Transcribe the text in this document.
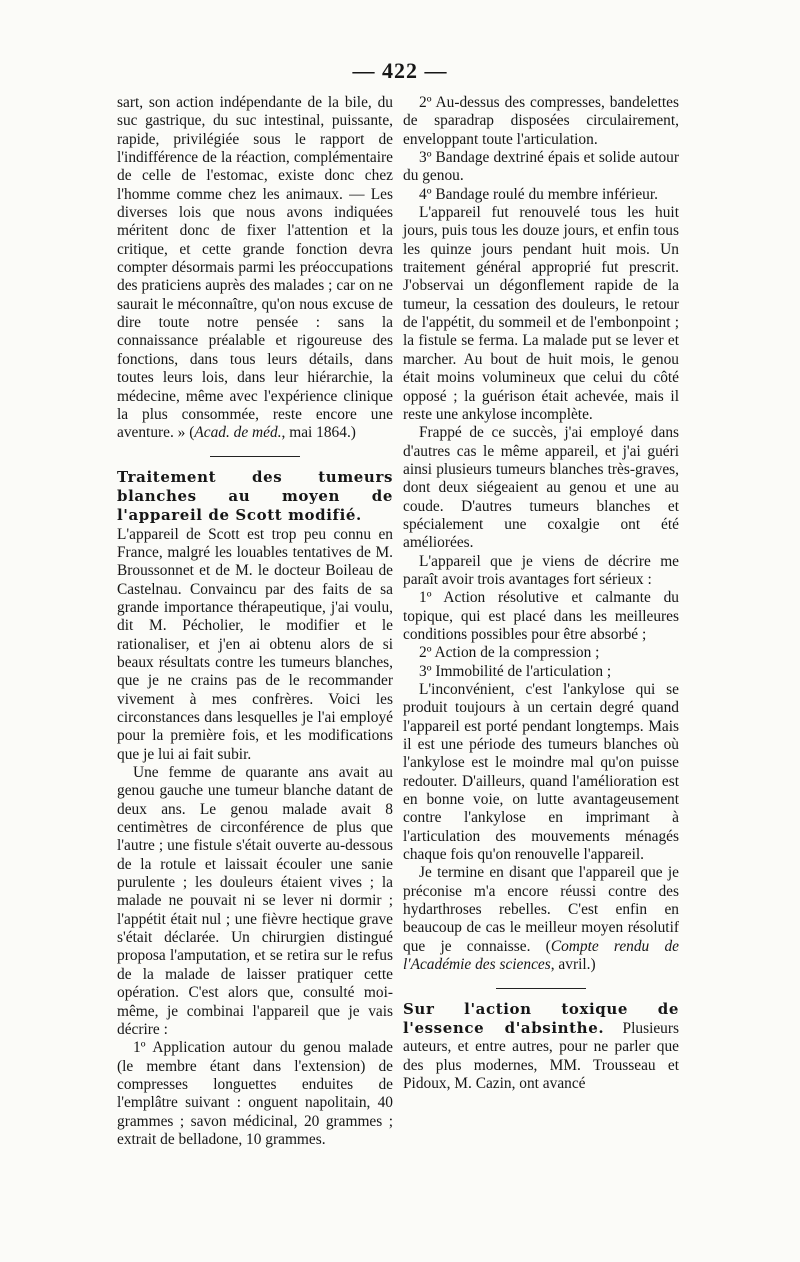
— 422 —

sart, son action indépendante de la bile, du suc gastrique, du suc intestinal, puissante, rapide, privilégiée sous le rapport de l'indifférence de la réaction, complémentaire de celle de l'estomac, existe donc chez l'homme comme chez les animaux. — Les diverses lois que nous avons indiquées méritent donc de fixer l'attention et la critique, et cette grande fonction devra compter désormais parmi les préoccupations des praticiens auprès des malades ; car on ne saurait le méconnaître, qu'on nous excuse de dire toute notre pensée : sans la connaissance préalable et rigoureuse des fonctions, dans tous leurs détails, dans toutes leurs lois, dans leur hiérarchie, la médecine, même avec l'expérience clinique la plus consommée, reste encore une aventure. » (Acad. de méd., mai 1864.)

Traitement des tumeurs blanches au moyen de l'appareil de Scott modifié.

L'appareil de Scott est trop peu connu en France, malgré les louables tentatives de M. Broussonnet et de M. le docteur Boileau de Castelnau. Convaincu par des faits de sa grande importance thérapeutique, j'ai voulu, dit M. Pécholier, le modifier et le rationaliser, et j'en ai obtenu alors de si beaux résultats contre les tumeurs blanches, que je ne crains pas de le recommander vivement à mes confrères. Voici les circonstances dans lesquelles je l'ai employé pour la première fois, et les modifications que je lui ai fait subir.

Une femme de quarante ans avait au genou gauche une tumeur blanche datant de deux ans. Le genou malade avait 8 centimètres de circonférence de plus que l'autre ; une fistule s'était ouverte au-dessous de la rotule et laissait écouler une sanie purulente ; les douleurs étaient vives ; la malade ne pouvait ni se lever ni dormir ; l'appétit était nul ; une fièvre hectique grave s'était déclarée. Un chirurgien distingué proposa l'amputation, et se retira sur le refus de la malade de laisser pratiquer cette opération. C'est alors que, consulté moi-même, je combinai l'appareil que je vais décrire :

1º Application autour du genou malade (le membre étant dans l'extension) de compresses longuettes enduites de l'emplâtre suivant : onguent napolitain, 40 grammes ; savon médicinal, 20 grammes ; extrait de belladone, 10 grammes.

2º Au-dessus des compresses, bandelettes de sparadrap disposées circulairement, enveloppant toute l'articulation.

3º Bandage dextriné épais et solide autour du genou.

4º Bandage roulé du membre inférieur.

L'appareil fut renouvelé tous les huit jours, puis tous les douze jours, et enfin tous les quinze jours pendant huit mois. Un traitement général approprié fut prescrit. J'observai un dégonflement rapide de la tumeur, la cessation des douleurs, le retour de l'appétit, du sommeil et de l'embonpoint ; la fistule se ferma. La malade put se lever et marcher. Au bout de huit mois, le genou était moins volumineux que celui du côté opposé ; la guérison était achevée, mais il reste une ankylose incomplète.

Frappé de ce succès, j'ai employé dans d'autres cas le même appareil, et j'ai guéri ainsi plusieurs tumeurs blanches très-graves, dont deux siégeaient au genou et une au coude. D'autres tumeurs blanches et spécialement une coxalgie ont été améliorées.

L'appareil que je viens de décrire me paraît avoir trois avantages fort sérieux :

1º Action résolutive et calmante du topique, qui est placé dans les meilleures conditions possibles pour être absorbé ;

2º Action de la compression ;

3º Immobilité de l'articulation ;

L'inconvénient, c'est l'ankylose qui se produit toujours à un certain degré quand l'appareil est porté pendant longtemps. Mais il est une période des tumeurs blanches où l'ankylose est le moindre mal qu'on puisse redouter. D'ailleurs, quand l'amélioration est en bonne voie, on lutte avantageusement contre l'ankylose en imprimant à l'articulation des mouvements ménagés chaque fois qu'on renouvelle l'appareil.

Je termine en disant que l'appareil que je préconise m'a encore réussi contre des hydarthroses rebelles. C'est enfin en beaucoup de cas le meilleur moyen résolutif que je connaisse. (Compte rendu de l'Académie des sciences, avril.)

Sur l'action toxique de l'essence d'absinthe. Plusieurs auteurs, et entre autres, pour ne parler que des plus modernes, MM. Trousseau et Pidoux, M. Cazin, ont avancé
